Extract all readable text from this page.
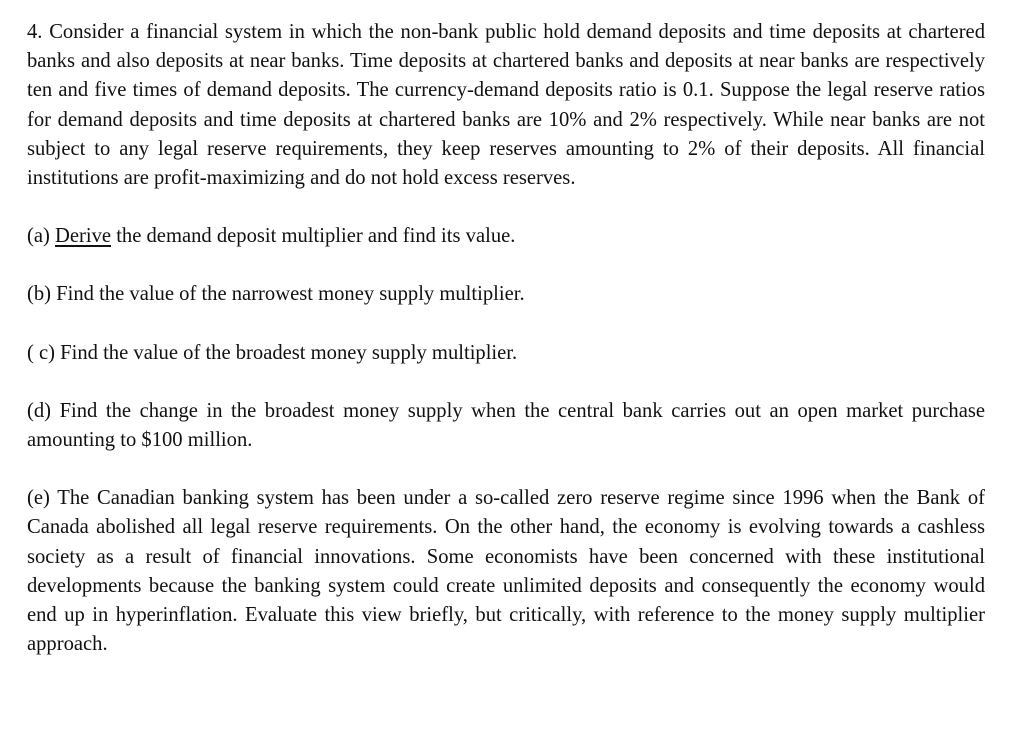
4. Consider a financial system in which the non-bank public hold demand deposits and time deposits at chartered banks and also deposits at near banks. Time deposits at chartered banks and deposits at near banks are respectively ten and five times of demand deposits. The currency-demand deposits ratio is 0.1. Suppose the legal reserve ratios for demand deposits and time deposits at chartered banks are 10% and 2% respectively. While near banks are not subject to any legal reserve requirements, they keep reserves amounting to 2% of their deposits. All financial institutions are profit-maximizing and do not hold excess reserves.

(a) Derive the demand deposit multiplier and find its value.

(b) Find the value of the narrowest money supply multiplier.

( c) Find the value of the broadest money supply multiplier.

(d) Find the change in the broadest money supply when the central bank carries out an open market purchase amounting to $100 million.

(e) The Canadian banking system has been under a so-called zero reserve regime since 1996 when the Bank of Canada abolished all legal reserve requirements. On the other hand, the economy is evolving towards a cashless society as a result of financial innovations. Some economists have been concerned with these institutional developments because the banking system could create unlimited deposits and consequently the economy would end up in hyperinflation. Evaluate this view briefly, but critically, with reference to the money supply multiplier approach.
